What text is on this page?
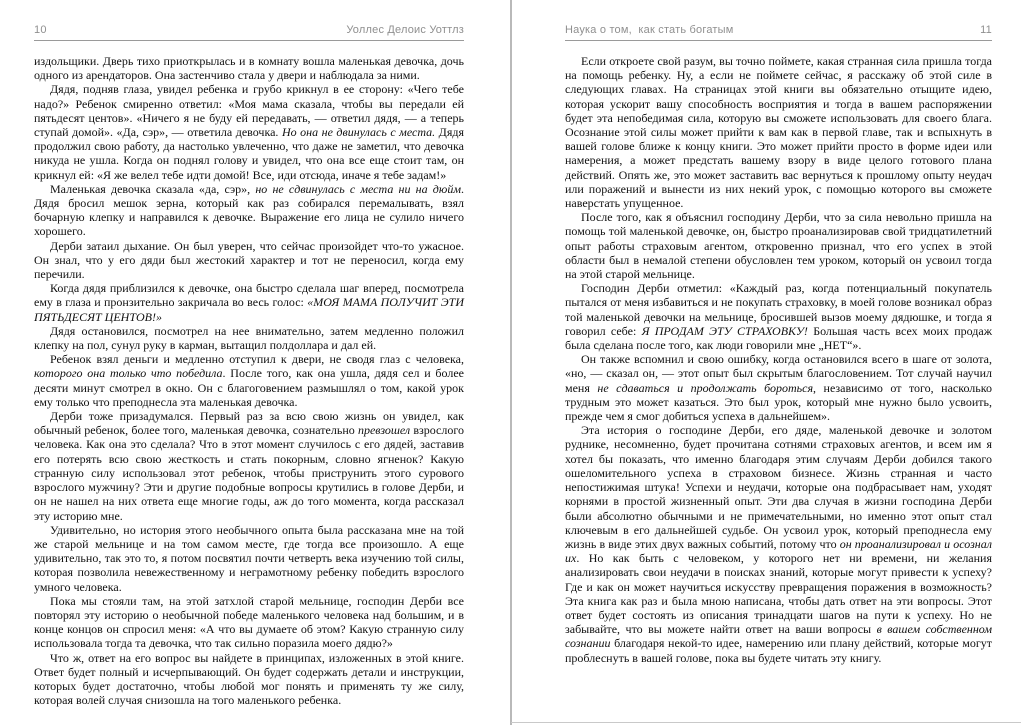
10	Уоллес Делоис Уоттлз

издольщики. Дверь тихо приоткрылась и в комнату вошла маленькая девочка, дочь одного из арендаторов. Она застенчиво стала у двери и наблюдала за ними.

Дядя, подняв глаза, увидел ребенка и грубо крикнул в ее сторону: «Чего тебе надо?» Ребенок смиренно ответил: «Моя мама сказала, чтобы вы передали ей пятьдесят центов». «Ничего я не буду ей передавать, — ответил дядя, — а теперь ступай домой». «Да, сэр», — ответила девочка. Но она не двинулась с места. Дядя продолжил свою работу, да настолько увлеченно, что даже не заметил, что девочка никуда не ушла. Когда он поднял голову и увидел, что она все еще стоит там, он крикнул ей: «Я же велел тебе идти домой! Все, иди отсюда, иначе я тебе задам!»

Маленькая девочка сказала «да, сэр», но не сдвинулась с места ни на дюйм. Дядя бросил мешок зерна, который как раз собирался перемалывать, взял бочарную клепку и направился к девочке. Выражение его лица не сулило ничего хорошего.

Дерби затаил дыхание. Он был уверен, что сейчас произойдет что-то ужасное. Он знал, что у его дяди был жестокий характер и тот не переносил, когда ему перечили.

Когда дядя приблизился к девочке, она быстро сделала шаг вперед, посмотрела ему в глаза и пронзительно закричала во весь голос: «МОЯ МАМА ПОЛУЧИТ ЭТИ ПЯТЬДЕСЯТ ЦЕНТОВ!»

Дядя остановился, посмотрел на нее внимательно, затем медленно положил клепку на пол, сунул руку в карман, вытащил полдоллара и дал ей.

Ребенок взял деньги и медленно отступил к двери, не сводя глаз с человека, которого она только что победила. После того, как она ушла, дядя сел и более десяти минут смотрел в окно. Он с благоговением размышлял о том, какой урок ему только что преподнесла эта маленькая девочка.

Дерби тоже призадумался. Первый раз за всю свою жизнь он увидел, как обычный ребенок, более того, маленькая девочка, сознательно превзошел взрослого человека. Как она это сделала? Что в этот момент случилось с его дядей, заставив его потерять всю свою жесткость и стать покорным, словно ягненок? Какую странную силу использовал этот ребенок, чтобы приструнить этого сурового взрослого мужчину? Эти и другие подобные вопросы крутились в голове Дерби, и он не нашел на них ответа еще многие годы, аж до того момента, когда рассказал эту историю мне.

Удивительно, но история этого необычного опыта была рассказана мне на той же старой мельнице и на том самом месте, где тогда все произошло. А еще удивительно, так это то, я потом посвятил почти четверть века изучению той силы, которая позволила невежественному и неграмотному ребенку победить взрослого умного человека.

Пока мы стояли там, на этой затхлой старой мельнице, господин Дерби все повторял эту историю о необычной победе маленького человека над большим, и в конце концов он спросил меня: «А что вы думаете об этом? Какую странную силу использовала тогда та девочка, что так сильно поразила моего дядю?»

Что ж, ответ на его вопрос вы найдете в принципах, изложенных в этой книге. Ответ будет полный и исчерпывающий. Он будет содержать детали и инструкции, которых будет достаточно, чтобы любой мог понять и применять ту же силу, которая волей случая снизошла на того маленького ребенка.

Наука о том,  как стать богатым	11

Если откроете свой разум, вы точно поймете, какая странная сила пришла тогда на помощь ребенку. Ну, а если не поймете сейчас, я расскажу об этой силе в следующих главах. На страницах этой книги вы обязательно отыщите идею, которая ускорит вашу способность восприятия и тогда в вашем распоряжении будет эта непобедимая сила, которую вы сможете использовать для своего блага. Осознание этой силы может прийти к вам как в первой главе, так и вспыхнуть в вашей голове ближе к концу книги. Это может прийти просто в форме идеи или намерения, а может предстать вашему взору в виде целого готового плана действий. Опять же, это может заставить вас вернуться к прошлому опыту неудач или поражений и вынести из них некий урок, с помощью которого вы сможете наверстать упущенное.

После того, как я объяснил господину Дерби, что за сила невольно пришла на помощь той маленькой девочке, он, быстро проанализировав свой тридцатилетний опыт работы страховым агентом, откровенно признал, что его успех в этой области был в немалой степени обусловлен тем уроком, который он усвоил тогда на этой старой мельнице.

Господин Дерби отметил: «Каждый раз, когда потенциальный покупатель пытался от меня избавиться и не покупать страховку, в моей голове возникал образ той маленькой девочки на мельнице, бросившей вызов моему дядюшке, и тогда я говорил себе: Я ПРОДАМ ЭТУ СТРАХОВКУ! Большая часть всех моих продаж была сделана после того, как люди говорили мне „НЕТ“».

Он также вспомнил и свою ошибку, когда остановился всего в шаге от золота, «но, — сказал он, — этот опыт был скрытым благословением. Тот случай научил меня не сдаваться и продолжать бороться, независимо от того, насколько трудным это может казаться. Это был урок, который мне нужно было усвоить, прежде чем я смог добиться успеха в дальнейшем».

Эта история о господине Дерби, его дяде, маленькой девочке и золотом руднике, несомненно, будет прочитана сотнями страховых агентов, и всем им я хотел бы показать, что именно благодаря этим случаям Дерби добился такого ошеломительного успеха в страховом бизнесе. Жизнь странная и часто непостижимая штука! Успехи и неудачи, которые она подбрасывает нам, уходят корнями в простой жизненный опыт. Эти два случая в жизни господина Дерби были абсолютно обычными и не примечательными, но именно этот опыт стал ключевым в его дальнейшей судьбе. Он усвоил урок, который преподнесла ему жизнь в виде этих двух важных событий, потому что он проанализировал и осознал их. Но как быть с человеком, у которого нет ни времени, ни желания анализировать свои неудачи в поисках знаний, которые могут привести к успеху? Где и как он может научиться искусству превращения поражения в возможность? Эта книга как раз и была мною написана, чтобы дать ответ на эти вопросы. Этот ответ будет состоять из описания тринадцати шагов на пути к успеху. Но не забывайте, что вы можете найти ответ на ваши вопросы в вашем собственном сознании благодаря некой-то идее, намерению или плану действий, которые могут проблеснуть в вашей голове, пока вы будете читать эту книгу.
